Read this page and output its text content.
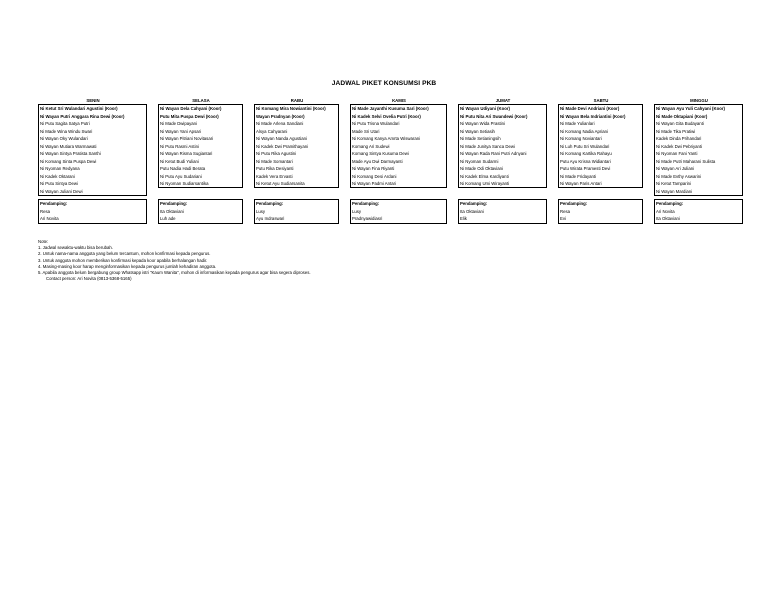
JADWAL PIKET KONSUMSI PKB
SENIN		SELASA		RABU		KAMIS		JUMAT		SABTU		MINGGU
Ni Ketut Sri Wulandari Agustini (Koor)		Ni Wayan Dela Cahyani (Koor)		Ni Komang Mira Nowiantini (Koor)		Ni Made Jayanthi Kusuma Sari (Koor)		Ni Wayan Udiyani (Koor)		Ni Made Devi Andriani (Koor)		Ni Wayan Ayu Yuli Cahyani (Koor)
Ni Wayan Putri Anggara Rina Dewi (Koor)		Putu Mita Puspa Dewi (Koor)		Wayan Pradnyan (Koor)		Ni Kadek Selvi Ovelia Putri (Koor)		Ni Putu Nita Ari Swandewi (Koor)		Ni Wayan Bela Indriantini (Koor)		Ni Made Oktapiani (Koor)
Ni Putu Sagita Satya Putri		Ni Made Dwipayani		Ni Made Arlena Sandiani		Ni Putu Trisna Wulandari		Ni Wayan Wida Prastini		Ni Made Yulianlari		Ni Wayan Gita Budayanti
Ni Made Wina Windu Swari		Ni Wayan Yani Apsari		Alsya Cahyarani		Made Sri Utari		Ni Wayan Setiasih		Ni Komang Nadia Apriani		Ni Made Tika Pratiwi
Ni Wayan Oky Wulandari		Ni Wayan Pitriani Novitasari		Ni Wayan Nanda Agustiani		Ni Komang Kanya Amrta Wiswarani		Ni Made Setianingsih		Ni Komang Noviantari		Kadek Dinda Prihandari
Ni Wayan Mutiara Warmawati		Ni Putu Rasmi Astini		Ni Kadek Dwi Pramithayani		Komang Ari Sudewi		Ni Made Junitya Sanca Dewi		Ni Luh Putu Sri Wulandari		Ni Kadek Dwi Pebriyanti
Ni Wayan Sintya Pratista Santhi		Ni Wayan Risma Sugiantari		Ni Putu Rika Agustini		Komang Sintya Kusuma Dewi		Ni Wayan Rada Rani Putri Adnyani		Ni Komang Kartika Rahayu		Ni Nyoman Fani Yanti
Ni Komang Sinta Puspa Dewi		Ni Ketut Budi Yuliani		Ni Made Somantari		Made Ayu Dwi Darmayanti		Ni Nyoman Sudarmi		Putu Ayu Krisna Widiantari		Ni Made Putri Maharani Sulista
Ni Nyoman Redyana		Putu Nadia Hadi Berata		Putu Rika Desiyanti		Ni Wayan Fina Riyanti		Ni Made Odi Oktaviani		Putu Wirata Pramesti Devi		Ni Wayan Ari Juliani
Ni Kadek Oktarani		Ni Putu Ayu Sudariani		Kadek Vera Ervasti		Ni Komang Desi Ardani		Ni Kadek Elma Kardiyanti		Ni Made Fridayanti		Ni Made Evthy Aswarini
Ni Putu Sintya Dewi		Ni Nyoman Sudiarsantika		Ni Ketut Ayu Sudiarsanita		Ni Wayan Padmi Antari		Ni Komang Umi Wirayanti		Ni Wayan Paris Antari		Ni Ketut Tamparini
Ni Wayan Juliani Dewi												Ni Wayan Mardiani

Pendamping:		Pendamping:		Pendamping:		Pendamping:		Pendamping:		Pendamping:		Pendamping:
Resa		Ita Oktaviani		Lusy		Lusy		Ita Oktaviani		Resa		Ari Novita
Ari Novita		Luh ade		Ayu Indraswari		Pradnyawidiasri		Elik		Evi		Ita Oktaviani
Note:
1. Jadwal sewaktu-waktu bisa berubah.
2. Untuk nama-nama anggota yang belum tercantum, mohon konfirmasi kepada pengurus.
3. Untuk anggota mohon memberikan konfirmasi kepada koor apabila berhalangan hadir.
4. Masing-masing koor harap menginformasikan kepada pengurus jumlah kehadiran anggota.
5. Apabila anggota belum bergabung group Whatsapp istri "Kaum Wanita", mohon di informasikan kepada pengurus agar bisa segera diproses.
Contact person: Ari Novita (0813-5368-5165)
